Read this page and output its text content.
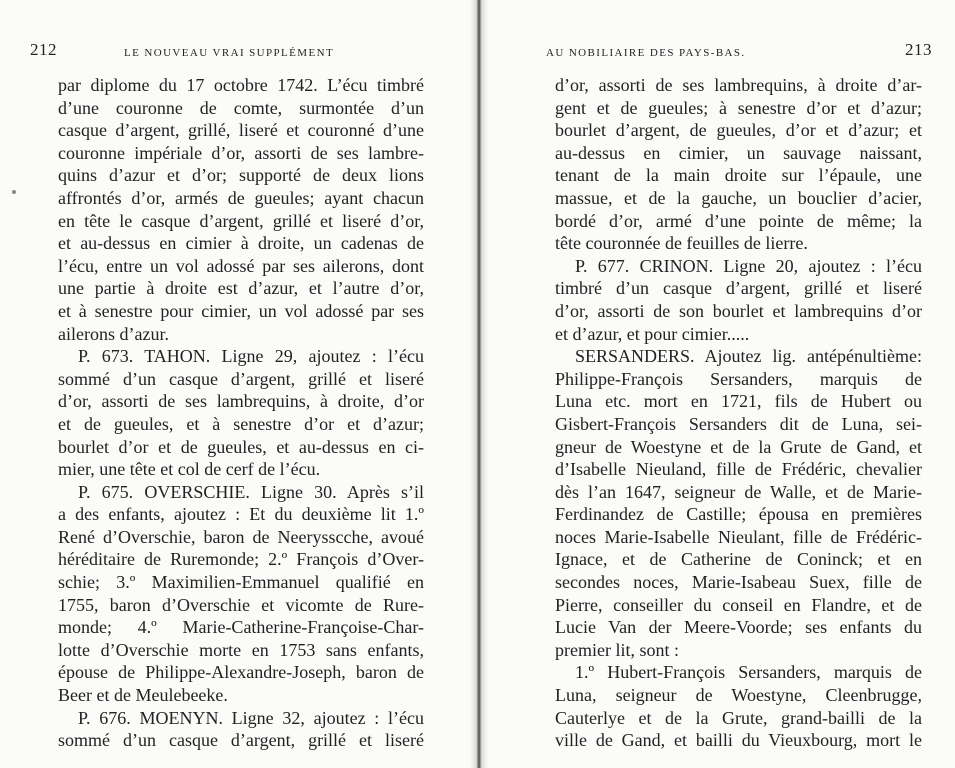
212	LE NOUVEAU VRAI SUPPLÉMENT
par diplome du 17 octobre 1742. L’écu timbré
d’une couronne de comte, surmontée d’un
casque d’argent, grillé, liseré et couronné d’une
couronne impériale d’or, assorti de ses lambre-
quins d’azur et d’or; supporté de deux lions
affrontés d’or, armés de gueules; ayant chacun
en tête le casque d’argent, grillé et liseré d’or,
et au-dessus en cimier à droite, un cadenas de
l’écu, entre un vol adossé par ses ailerons, dont
une partie à droite est d’azur, et l’autre d’or,
et à senestre pour cimier, un vol adossé par ses
ailerons d’azur.
P. 673. TAHON. Ligne 29, ajoutez : l’écu
sommé d’un casque d’argent, grillé et liseré
d’or, assorti de ses lambrequins, à droite, d’or
et de gueules, et à senestre d’or et d’azur;
bourlet d’or et de gueules, et au-dessus en ci-
mier, une tête et col de cerf de l’écu.
P. 675. OVERSCHIE. Ligne 30. Après s’il
a des enfants, ajoutez : Et du deuxième lit 1.º
René d’Overschie, baron de Neerysscche, avoué
héréditaire de Ruremonde; 2.º François d’Over-
schie; 3.º Maximilien-Emmanuel qualifié en
1755, baron d’Overschie et vicomte de Rure-
monde; 4.º Marie-Catherine-Françoise-Char-
lotte d’Overschie morte en 1753 sans enfants,
épouse de Philippe-Alexandre-Joseph, baron de
Beer et de Meulebeeke.
P. 676. MOENYN. Ligne 32, ajoutez : l’écu
sommé d’un casque d’argent, grillé et liseré
AU NOBILIAIRE DES PAYS-BAS.	213
d’or, assorti de ses lambrequins, à droite d’ar-
gent et de gueules; à senestre d’or et d’azur;
bourlet d’argent, de gueules, d’or et d’azur; et
au-dessus en cimier, un sauvage naissant,
tenant de la main droite sur l’épaule, une
massue, et de la gauche, un bouclier d’acier,
bordé d’or, armé d’une pointe de même; la
tête couronnée de feuilles de lierre.
P. 677. CRINON. Ligne 20, ajoutez : l’écu
timbré d’un casque d’argent, grillé et liseré
d’or, assorti de son bourlet et lambrequins d’or
et d’azur, et pour cimier.....
SERSANDERS. Ajoutez lig. antépénultième:
Philippe-François Sersanders, marquis de
Luna etc. mort en 1721, fils de Hubert ou
Gisbert-François Sersanders dit de Luna, sei-
gneur de Woestyne et de la Grute de Gand, et
d’Isabelle Nieuland, fille de Frédéric, chevalier
dès l’an 1647, seigneur de Walle, et de Marie-
Ferdinandez de Castille; épousa en premières
noces Marie-Isabelle Nieulant, fille de Frédéric-
Ignace, et de Catherine de Coninck; et en
secondes noces, Marie-Isabeau Suex, fille de
Pierre, conseiller du conseil en Flandre, et de
Lucie Van der Meere-Voorde; ses enfants du
premier lit, sont :
1.º Hubert-François Sersanders, marquis de
Luna, seigneur de Woestyne, Cleenbrugge,
Cauterlye et de la Grute, grand-bailli de la
ville de Gand, et bailli du Vieuxbourg, mort le
